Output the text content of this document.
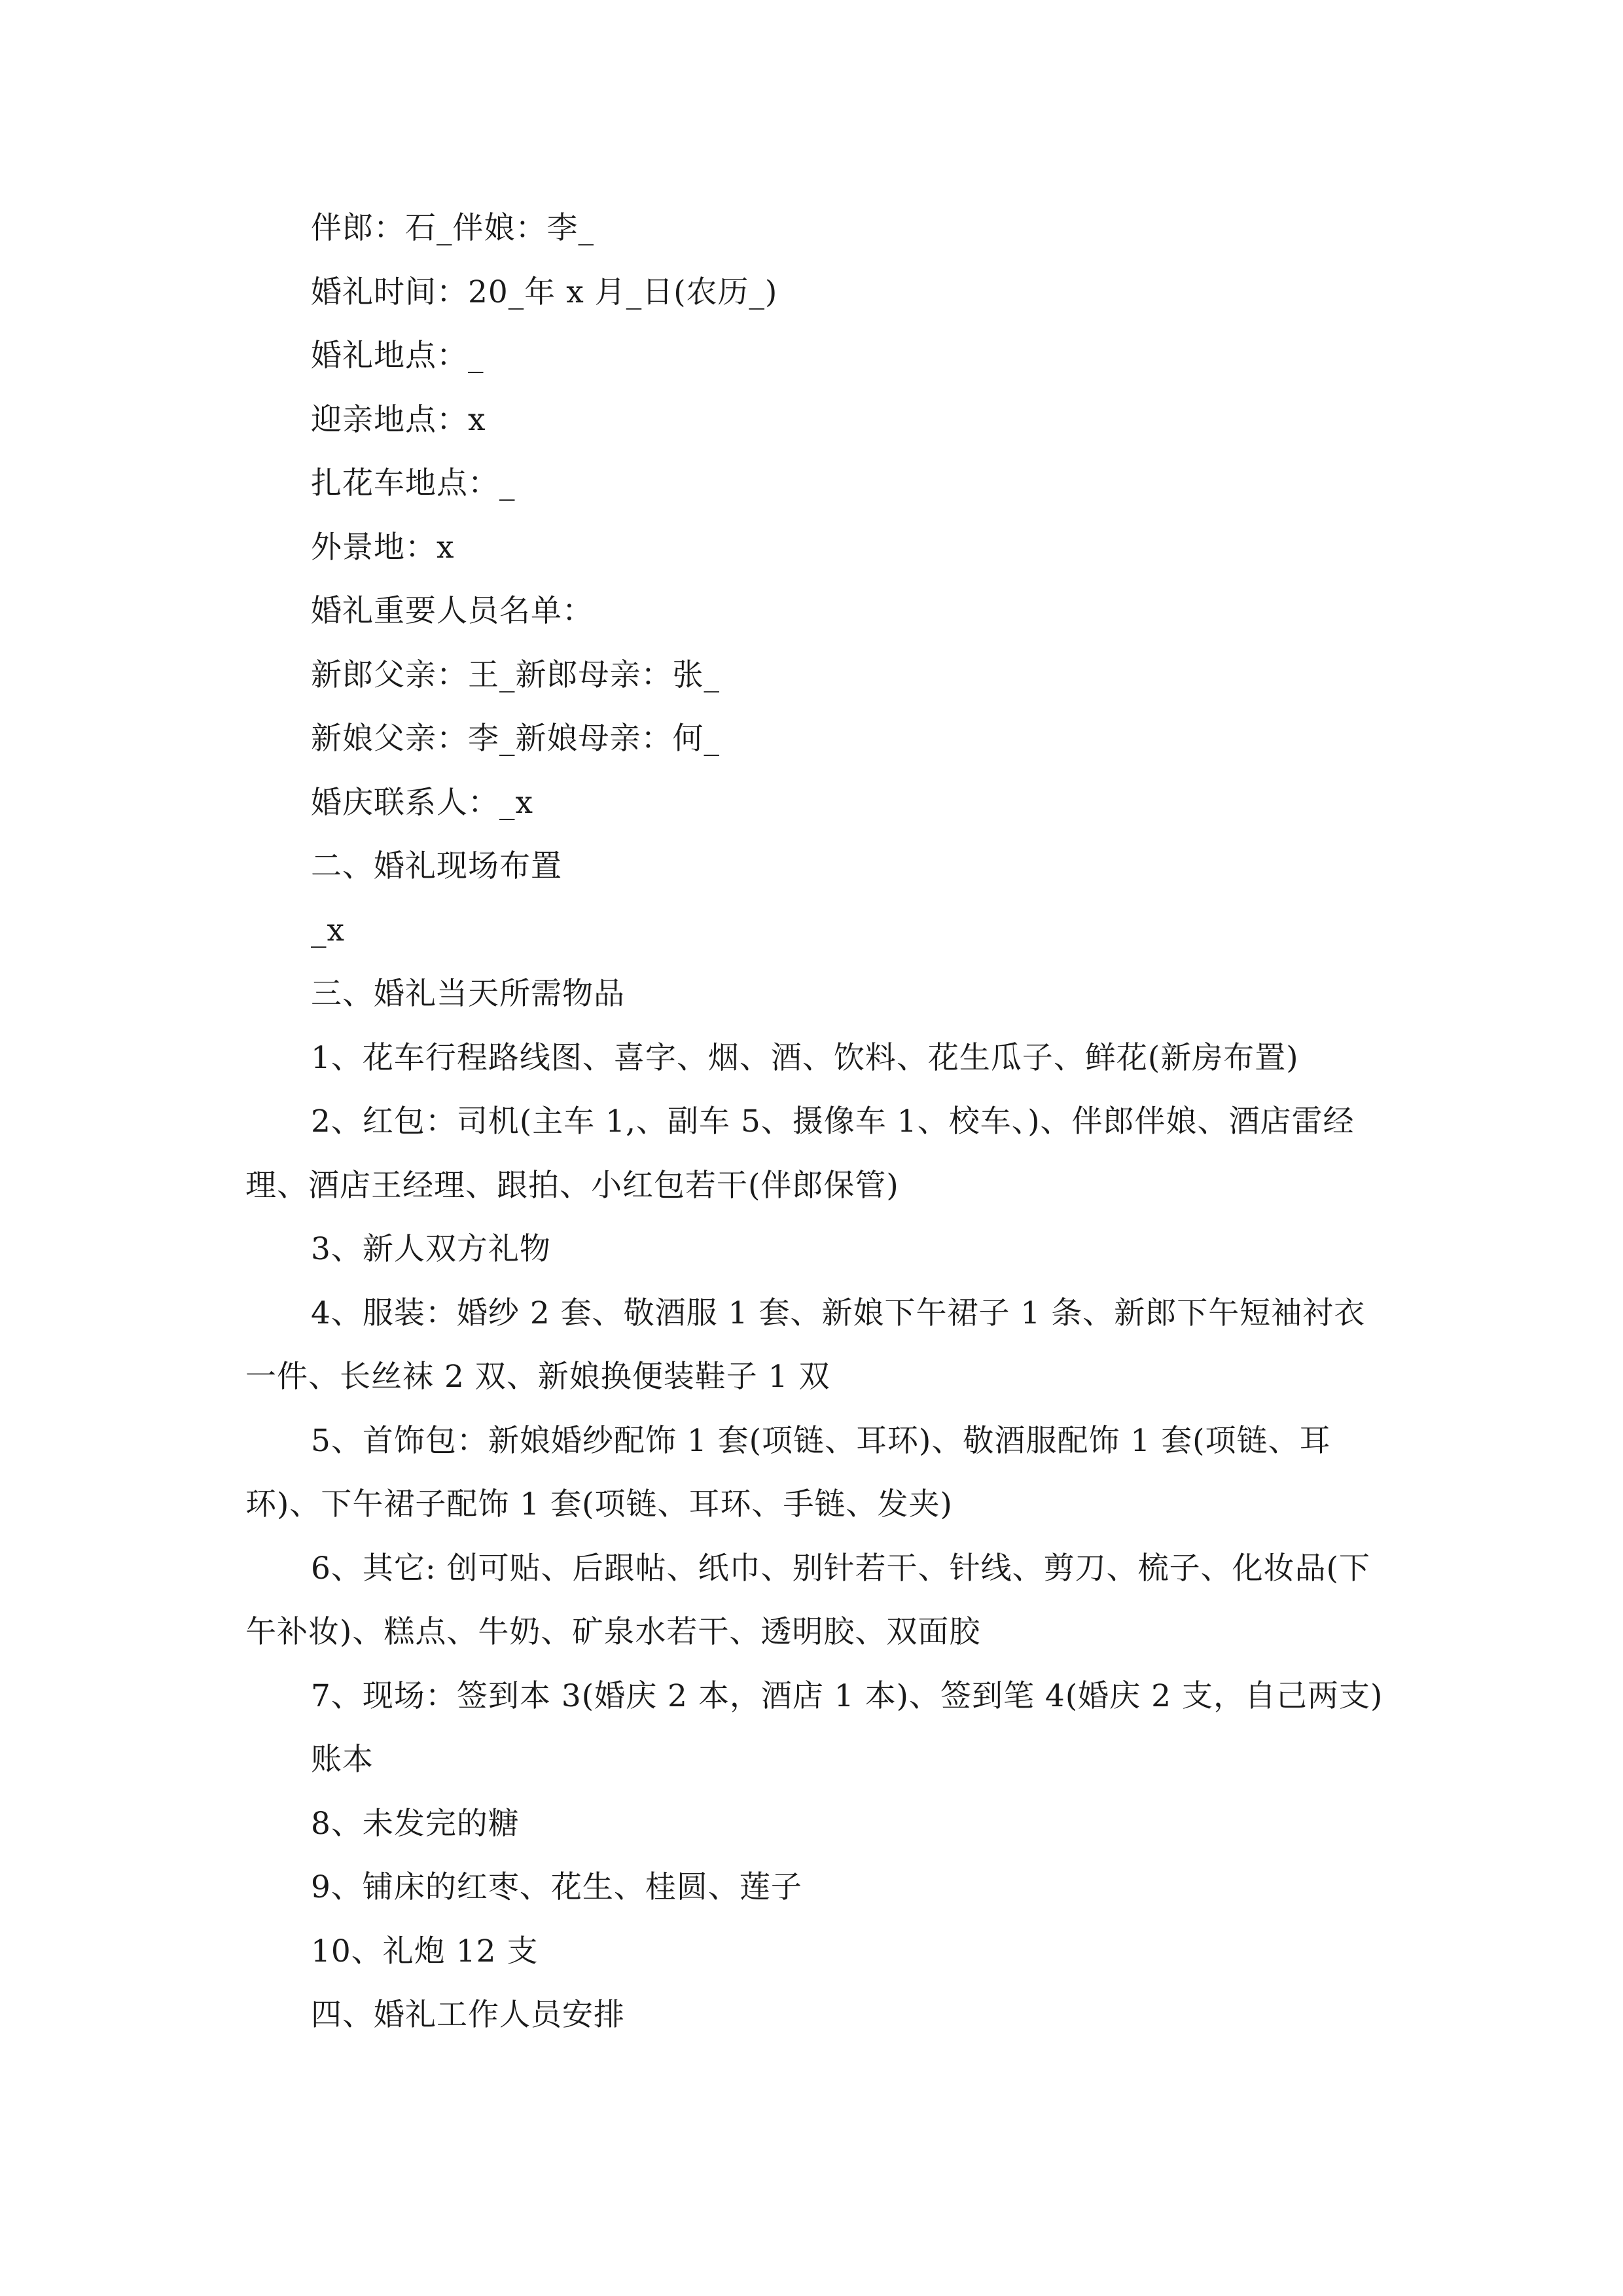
伴郎：石_伴娘：李_

婚礼时间：20_年 x 月_日(农历_)

婚礼地点：_

迎亲地点：x

扎花车地点：_

外景地：x

婚礼重要人员名单：

新郎父亲：王_新郎母亲：张_

新娘父亲：李_新娘母亲：何_

婚庆联系人：_x

二、婚礼现场布置

_x

三、婚礼当天所需物品

1、花车行程路线图、喜字、烟、酒、饮料、花生瓜子、鲜花(新房布置)

2、红包：司机(主车 1,、副车 5、摄像车 1、校车、)、伴郎伴娘、酒店雷经理、酒店王经理、跟拍、小红包若干(伴郎保管)

3、新人双方礼物

4、服装：婚纱 2 套、敬酒服 1 套、新娘下午裙子 1 条、新郎下午短袖衬衣一件、长丝袜 2 双、新娘换便装鞋子 1 双

5、首饰包：新娘婚纱配饰 1 套(项链、耳环)、敬酒服配饰 1 套(项链、耳环)、下午裙子配饰 1 套(项链、耳环、手链、发夹)

6、其它: 创可贴、后跟帖、纸巾、别针若干、针线、剪刀、梳子、化妆品(下午补妆)、糕点、牛奶、矿泉水若干、透明胶、双面胶

7、现场：签到本 3(婚庆 2 本，酒店 1 本)、签到笔 4(婚庆 2 支，自己两支)

账本

8、未发完的糖

9、铺床的红枣、花生、桂圆、莲子

10、礼炮 12 支

四、婚礼工作人员安排
